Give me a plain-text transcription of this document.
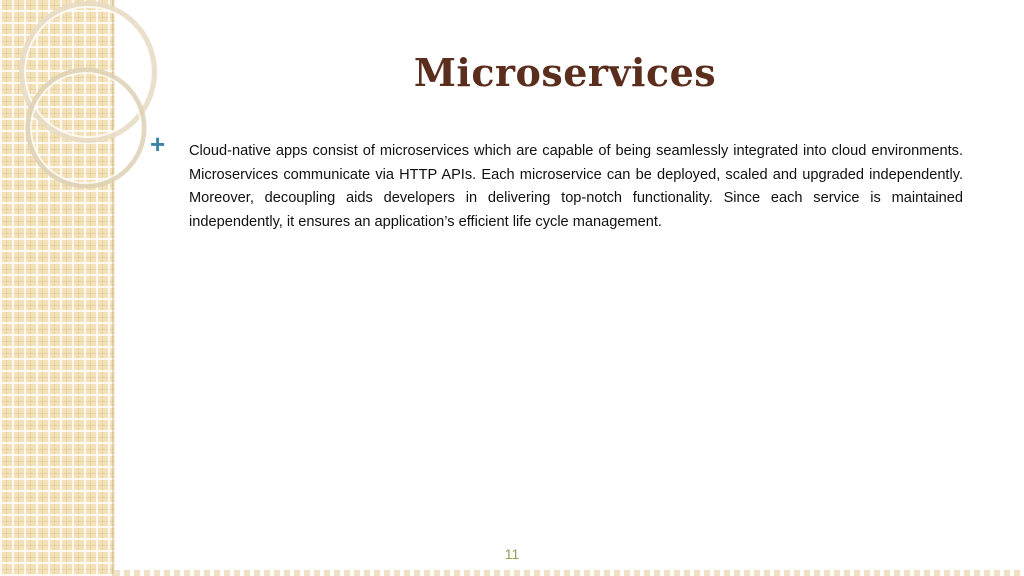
Microservices
+ Cloud-native apps consist of microservices which are capable of being seamlessly integrated into cloud environments. Microservices communicate via HTTP APIs. Each microservice can be deployed, scaled and upgraded independently. Moreover, decoupling aids developers in delivering top-notch functionality. Since each service is maintained independently, it ensures an application’s efficient life cycle management.

11
